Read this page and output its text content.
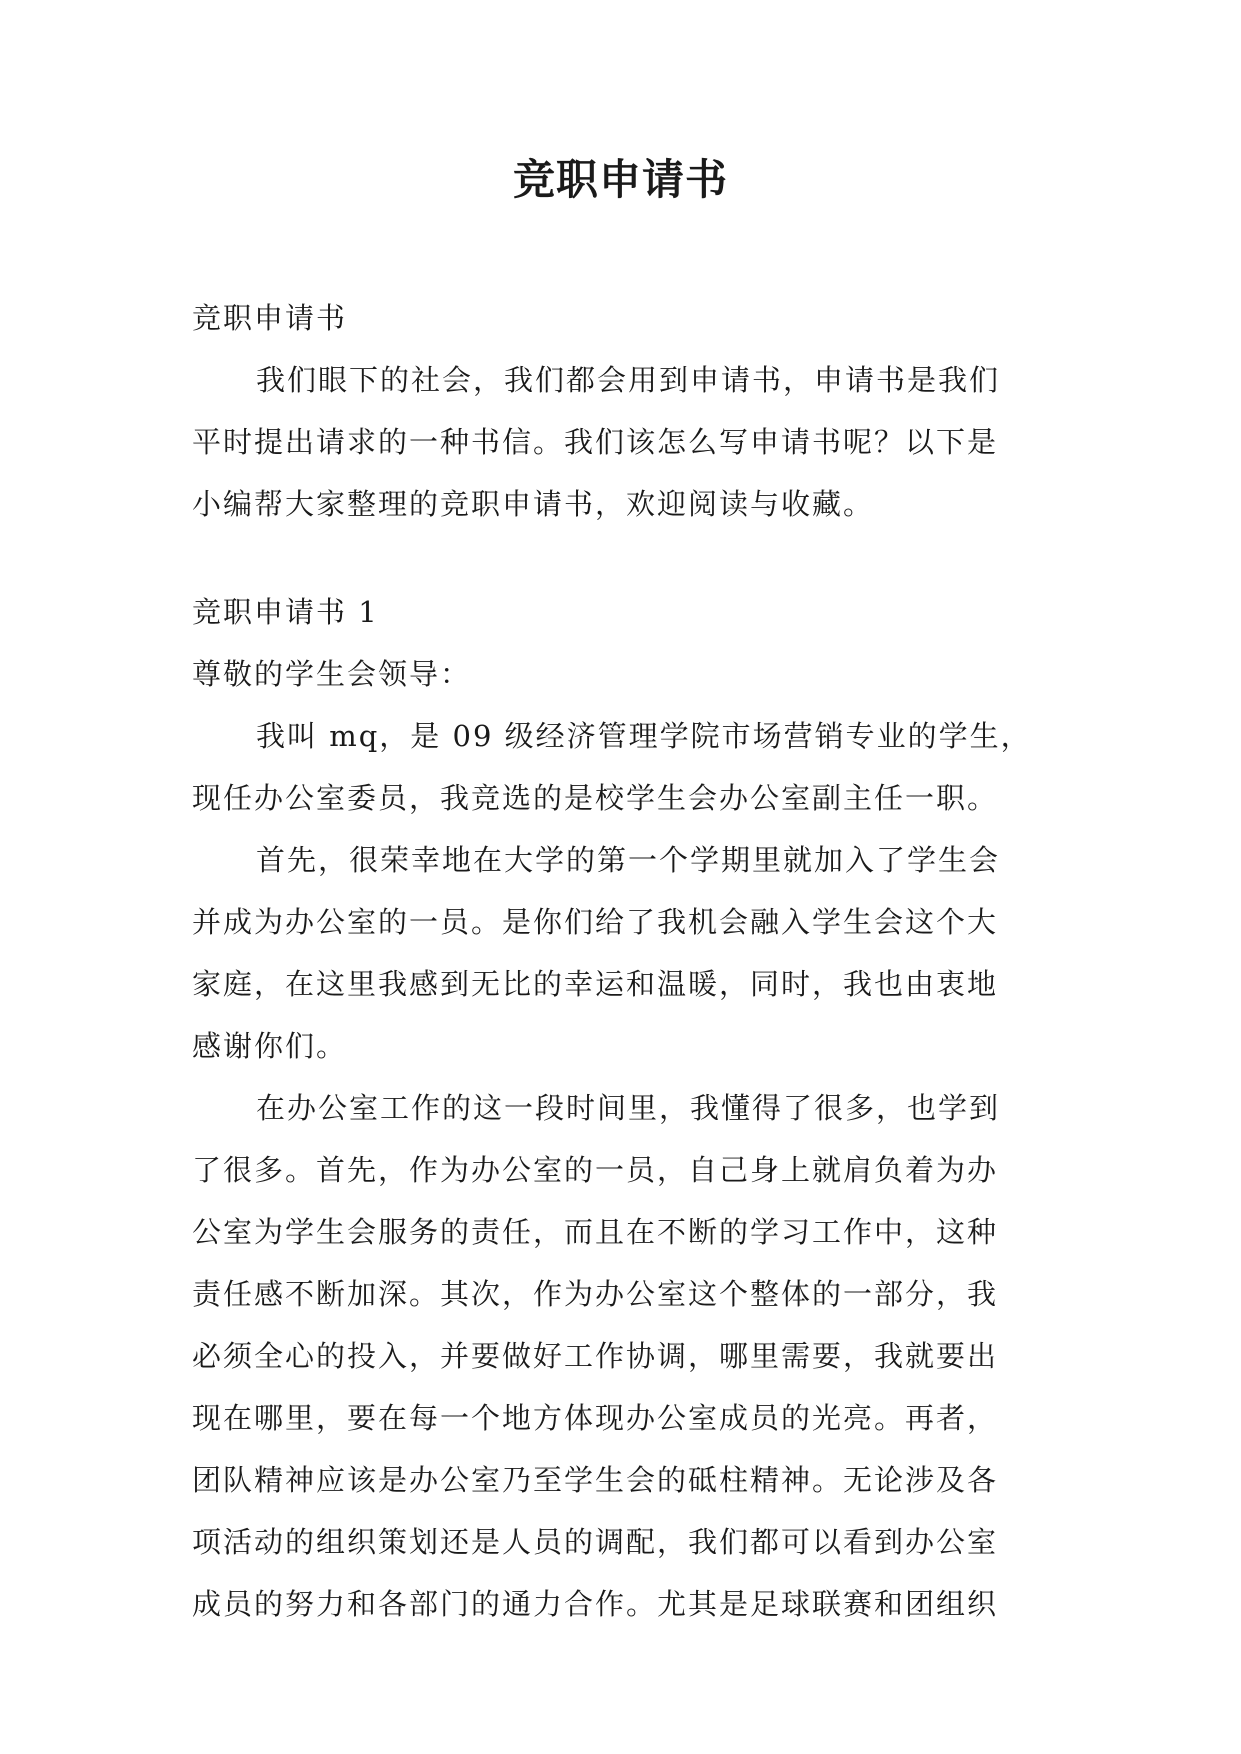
竞职申请书

竞职申请书

我们眼下的社会，我们都会用到申请书，申请书是我们

平时提出请求的一种书信。我们该怎么写申请书呢？以下是

小编帮大家整理的竞职申请书，欢迎阅读与收藏。

竞职申请书 1

尊敬的学生会领导：

我叫 mq，是 09 级经济管理学院市场营销专业的学生，

现任办公室委员，我竞选的是校学生会办公室副主任一职。

首先，很荣幸地在大学的第一个学期里就加入了学生会

并成为办公室的一员。是你们给了我机会融入学生会这个大

家庭，在这里我感到无比的幸运和温暖，同时，我也由衷地

感谢你们。

在办公室工作的这一段时间里，我懂得了很多，也学到

了很多。首先，作为办公室的一员，自己身上就肩负着为办

公室为学生会服务的责任，而且在不断的学习工作中，这种

责任感不断加深。其次，作为办公室这个整体的一部分，我

必须全心的投入，并要做好工作协调，哪里需要，我就要出

现在哪里，要在每一个地方体现办公室成员的光亮。再者，

团队精神应该是办公室乃至学生会的砥柱精神。无论涉及各

项活动的组织策划还是人员的调配，我们都可以看到办公室

成员的努力和各部门的通力合作。尤其是足球联赛和团组织
